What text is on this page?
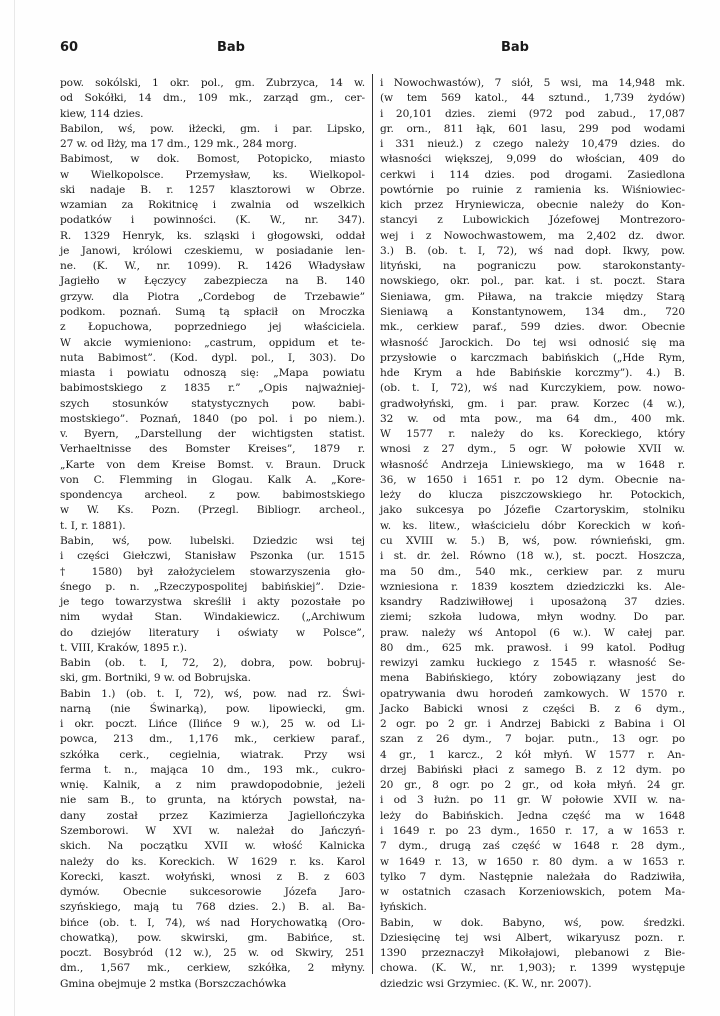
60	Bab	Bab
pow. sokólski, 1 okr. pol., gm. Zubrzyca, 14 w.
od Sokółki, 14 dm., 109 mk., zarząd gm., cer-
kiew, 114 dzies.
Babilon, wś, pow. iłżecki, gm. i par. Lipsko,
27 w. od Iłży, ma 17 dm., 129 mk., 284 morg.
Babimost, w dok. Bomost, Potopicko, miasto
w Wielkopolsce. Przemysław, ks. Wielkopol-
ski nadaje B. r. 1257 klasztorowi w Obrze.
wzamian za Rokitnicę i zwalnia od wszelkich
podatków i powinności. (K. W., nr. 347).
R. 1329 Henryk, ks. szląski i głogowski, oddał
je Janowi, królowi czeskiemu, w posiadanie len-
ne. (K. W., nr. 1099). R. 1426 Władysław
Jagiełło w Łęczycy zabezpiecza na B. 140
grzyw. dla Piotra „Cordebog de Trzebawie”
podkom. poznań. Sumą tą spłacił on Mroczka
z Łopuchowa, poprzedniego jej właściciela.
W akcie wymieniono: „castrum, oppidum et te-
nuta Babimost”. (Kod. dypl. pol., I, 303). Do
miasta i powiatu odnoszą się: „Mapa powiatu
babimostskiego z 1835 r.” „Opis najważniej-
szych stosunków statystycznych pow. babi-
mostskiego”. Poznań, 1840 (po pol. i po niem.).
v. Byern, „Darstellung der wichtigsten statist.
Verhaeltnisse des Bomster Kreises”, 1879 r.
„Karte von dem Kreise Bomst. v. Braun. Druck
von C. Flemming in Glogau. Kalk A. „Kore-
spondencya archeol. z pow. babimostskiego
w W. Ks. Pozn. (Przegl. Bibliogr. archeol.,
t. I, r. 1881).
Babin, wś, pow. lubelski. Dziedzic wsi tej
i części Giełczwi, Stanisław Pszonka (ur. 1515
† 1580) był założycielem stowarzyszenia gło-
śnego p. n. „Rzeczypospolitej babińskiej”. Dzie-
je tego towarzystwa skreślił i akty pozostałe po
nim wydał Stan. Windakiewicz. („Archiwum
do dziejów literatury i oświaty w Polsce”,
t. VIII, Kraków, 1895 r.).
Babin (ob. t. I, 72, 2), dobra, pow. bobruj-
ski, gm. Bortniki, 9 w. od Bobrujska.
Babin 1.) (ob. t. I, 72), wś, pow. nad rz. Świ-
narną (nie Świnarką), pow. lipowiecki, gm.
i okr. poczt. Lińce (Ilińce 9 w.), 25 w. od Li-
powca, 213 dm., 1,176 mk., cerkiew paraf.,
szkółka cerk., cegielnia, wiatrak. Przy wsi
ferma t. n., mająca 10 dm., 193 mk., cukro-
wnię. Kalnik, a z nim prawdopodobnie, jeżeli
nie sam B., to grunta, na których powstał, na-
dany został przez Kazimierza Jagiellończyka
Szemborowi. W XVI w. należał do Jańczyń-
skich. Na początku XVII w. włość Kalnicka
należy do ks. Koreckich. W 1629 r. ks. Karol
Korecki, kaszt. wołyński, wnosi z B. z 603
dymów. Obecnie sukcesorowie Józefa Jaro-
szyńskiego, mają tu 768 dzies. 2.) B. al. Ba-
bińce (ob. t. I, 74), wś nad Horychowatką (Oro-
chowatką), pow. skwirski, gm. Babińce, st.
poczt. Bosybród (12 w.), 25 w. od Skwiry, 251
dm., 1,567 mk., cerkiew, szkółka, 2 młyny.
Gmina obejmuje 2 mstka (Borszczachówka
i Nowochwastów), 7 siół, 5 wsi, ma 14,948 mk.
(w tem 569 katol., 44 sztund., 1,739 żydów)
i 20,101 dzies. ziemi (972 pod zabud., 17,087
gr. orn., 811 łąk, 601 lasu, 299 pod wodami
i 331 nieuż.) z czego należy 10,479 dzies. do
własności większej, 9,099 do włościan, 409 do
cerkwi i 114 dzies. pod drogami. Zasiedlona
powtórnie po ruinie z ramienia ks. Wiśniowiec-
kich przez Hryniewicza, obecnie należy do Kon-
stancyi z Lubowickich Józefowej Montrezoro-
wej i z Nowochwastowem, ma 2,402 dz. dwor.
3.) B. (ob. t. I, 72), wś nad dopł. Ikwy, pow.
lityński, na pograniczu pow. starokonstanty-
nowskiego, okr. pol., par. kat. i st. poczt. Stara
Sieniawa, gm. Piława, na trakcie między Starą
Sieniawą a Konstantynowem, 134 dm., 720
mk., cerkiew paraf., 599 dzies. dwor. Obecnie
własność Jarockich. Do tej wsi odnosić się ma
przysłowie o karczmach babińskich („Hde Rym,
hde Krym a hde Babińskie korczmy”). 4.) B.
(ob. t. I, 72), wś nad Kurczykiem, pow. nowo-
gradwołyński, gm. i par. praw. Korzec (4 w.),
32 w. od mta pow., ma 64 dm., 400 mk.
W 1577 r. należy do ks. Koreckiego, który
wnosi z 27 dym., 5 ogr. W połowie XVII w.
własność Andrzeja Liniewskiego, ma w 1648 r.
36, w 1650 i 1651 r. po 12 dym. Obecnie na-
leży do klucza piszczowskiego hr. Potockich,
jako sukcesya po Józefie Czartoryskim, stolniku
w. ks. litew., właścicielu dóbr Koreckich w koń-
cu XVIII w. 5.) B, wś, pow. równieński, gm.
i st. dr. żel. Równo (18 w.), st. poczt. Hoszcza,
ma 50 dm., 540 mk., cerkiew par. z muru
wzniesiona r. 1839 kosztem dziedziczki ks. Ale-
ksandry Radziwiłłowej i uposażoną 37 dzies.
ziemi; szkoła ludowa, młyn wodny. Do par.
praw. należy wś Antopol (6 w.). W całej par.
80 dm., 625 mk. prawosł. i 99 katol. Podług
rewizyi zamku łuckiego z 1545 r. własność Se-
mena Babińskiego, który zobowiązany jest do
opatrywania dwu horodeń zamkowych. W 1570 r.
Jacko Babicki wnosi z części B. z 6 dym.,
2 ogr. po 2 gr. i Andrzej Babicki z Babina i Ol
szan z 26 dym., 7 bojar. putn., 13 ogr. po
4 gr., 1 karcz., 2 kół młyń. W 1577 r. An-
drzej Babiński płaci z samego B. z 12 dym. po
20 gr., 8 ogr. po 2 gr., od koła młyń. 24 gr.
i od 3 łużn. po 11 gr. W połowie XVII w. na-
leży do Babińskich. Jedna część ma w 1648
i 1649 r. po 23 dym., 1650 r. 17, a w 1653 r.
7 dym., drugą zaś część w 1648 r. 28 dym.,
w 1649 r. 13, w 1650 r. 80 dym. a w 1653 r.
tylko 7 dym. Następnie należała do Radziwiła,
w ostatnich czasach Korzeniowskich, potem Ma-
łyńskich.
Babin, w dok. Babyno, wś, pow. średzki.
Dziesięcinę tej wsi Albert, wikaryusz pozn. r.
1390 przeznaczył Mikołajowi, plebanowi z Bie-
chowa. (K. W., nr. 1,903); r. 1399 występuje
dziedzic wsi Grzymiec. (K. W., nr. 2007).
